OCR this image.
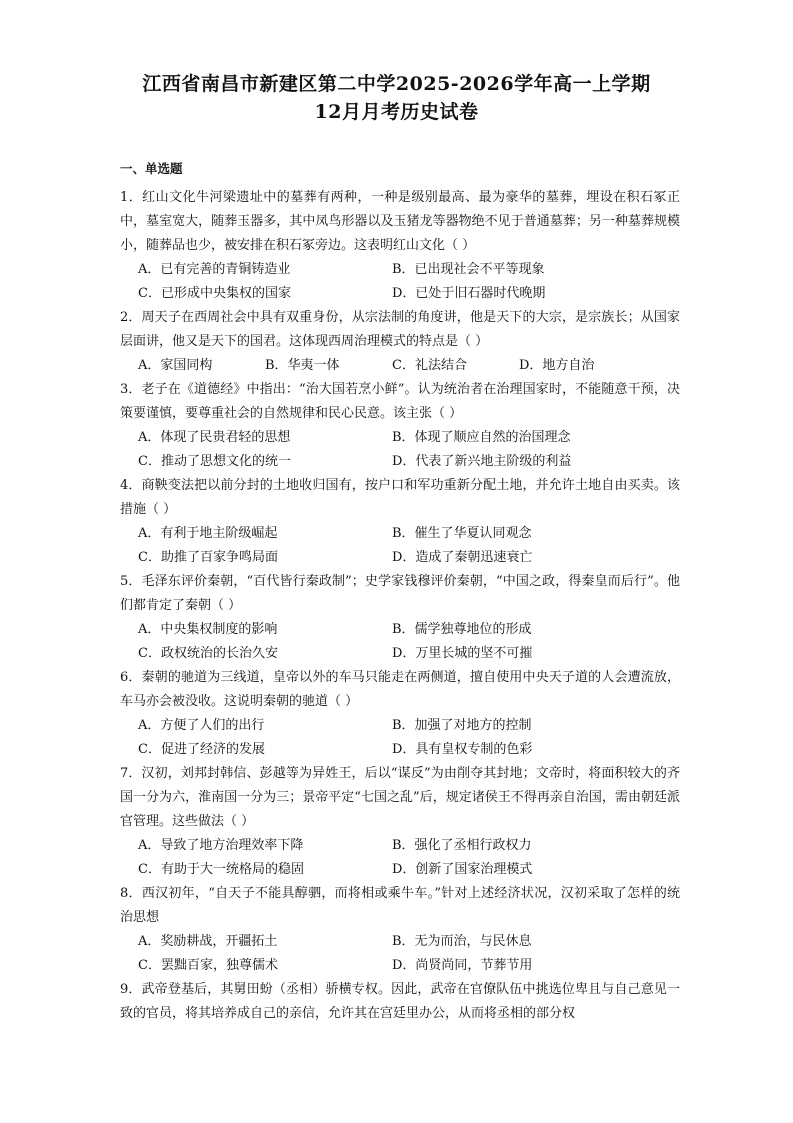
江西省南昌市新建区第二中学2025-2026学年高一上学期
12月月考历史试卷
一、单选题

1．红山文化牛河梁遗址中的墓葬有两种，一种是级别最高、最为豪华的墓葬，埋设在积石冢正中，墓室宽大，随葬玉器多，其中凤鸟形器以及玉猪龙等器物绝不见于普通墓葬；另一种墓葬规模小，随葬品也少，被安排在积石冢旁边。这表明红山文化（ ）

A．已有完善的青铜铸造业	B．已出现社会不平等现象
C．已形成中央集权的国家	D．已处于旧石器时代晚期

2．周天子在西周社会中具有双重身份，从宗法制的角度讲，他是天下的大宗，是宗族长；从国家层面讲，他又是天下的国君。这体现西周治理模式的特点是（ ）

A．家国同构	B．华夷一体	C．礼法结合	D．地方自治

3．老子在《道德经》中指出：“治大国若烹小鲜”。认为统治者在治理国家时，不能随意干预，决策要谨慎，要尊重社会的自然规律和民心民意。该主张（ ）

A．体现了民贵君轻的思想	B．体现了顺应自然的治国理念
C．推动了思想文化的统一	D．代表了新兴地主阶级的利益

4．商鞅变法把以前分封的土地收归国有，按户口和军功重新分配土地，并允许土地自由买卖。该措施（ ）

A．有利于地主阶级崛起	B．催生了华夏认同观念
C．助推了百家争鸣局面	D．造成了秦朝迅速衰亡

5．毛泽东评价秦朝，“百代皆行秦政制”；史学家钱穆评价秦朝，“中国之政，得秦皇而后行”。他们都肯定了秦朝（ ）

A．中央集权制度的影响	B．儒学独尊地位的形成
C．政权统治的长治久安	D．万里长城的坚不可摧

6．秦朝的驰道为三线道，皇帝以外的车马只能走在两侧道，擅自使用中央天子道的人会遭流放，车马亦会被没收。这说明秦朝的驰道（ ）

A．方便了人们的出行	B．加强了对地方的控制
C．促进了经济的发展	D．具有皇权专制的色彩

7．汉初，刘邦封韩信、彭越等为异姓王，后以“谋反”为由削夺其封地；文帝时，将面积较大的齐国一分为六，淮南国一分为三；景帝平定“七国之乱”后，规定诸侯王不得再亲自治国，需由朝廷派官管理。这些做法（ ）

A．导致了地方治理效率下降	B．强化了丞相行政权力
C．有助于大一统格局的稳固	D．创新了国家治理模式

8．西汉初年，“自天子不能具醇驷，而将相或乘牛车。”针对上述经济状况，汉初采取了怎样的统治思想

A．奖励耕战，开疆拓土	B．无为而治，与民休息
C．罢黜百家，独尊儒术	D．尚贤尚同，节葬节用

9．武帝登基后，其舅田蚡（丞相）骄横专权。因此，武帝在官僚队伍中挑选位卑且与自己意见一致的官员，将其培养成自己的亲信，允许其在宫廷里办公，从而将丞相的部分权
